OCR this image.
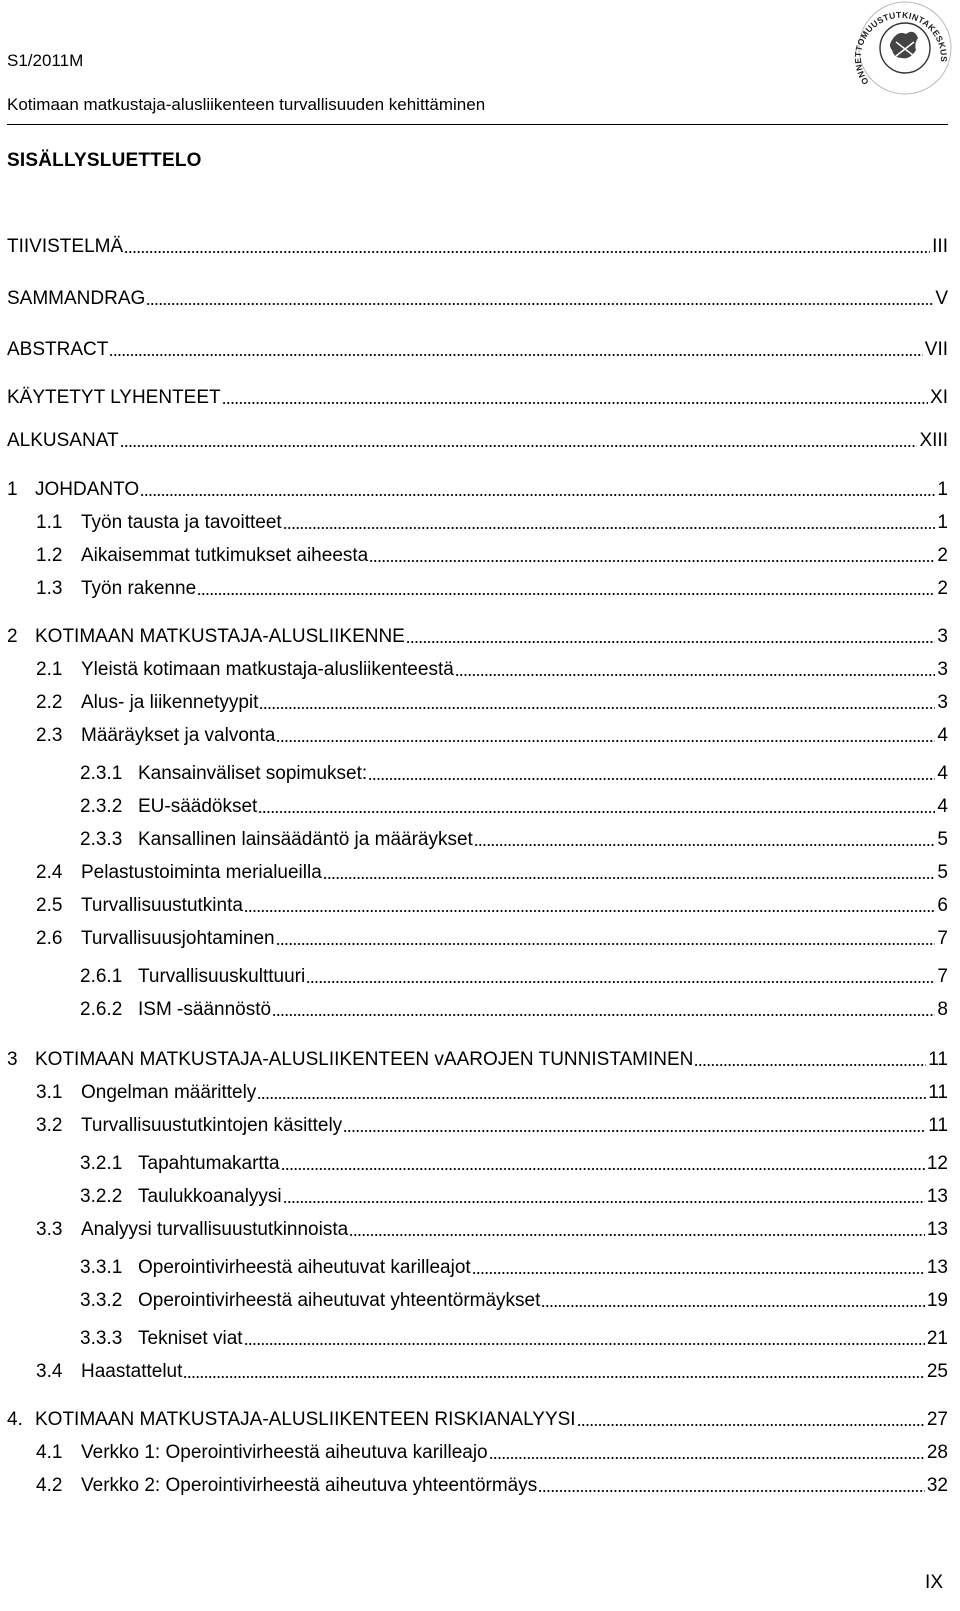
S1/2011M
Kotimaan matkustaja-alusliikenteen turvallisuuden kehittäminen
ONNETTOMUUSTUTKINTAKESKUS
SISÄLLYSLUETTELO
TIIVISTELMÄ	III
SAMMANDRAG	V
ABSTRACT	VII
KÄYTETYT LYHENTEET	XI
ALKUSANAT	XIII
1 JOHDANTO	1
1.1 Työn tausta ja tavoitteet	1
1.2 Aikaisemmat tutkimukset aiheesta	2
1.3 Työn rakenne	2
2 KOTIMAAN MATKUSTAJA-ALUSLIIKENNE	3
2.1 Yleistä kotimaan matkustaja-alusliikenteestä	3
2.2 Alus- ja liikennetyypit	3
2.3 Määräykset ja valvonta	4
2.3.1 Kansainväliset sopimukset:	4
2.3.2 EU-säädökset	4
2.3.3 Kansallinen lainsäädäntö ja määräykset	5
2.4 Pelastustoiminta merialueilla	5
2.5 Turvallisuustutkinta	6
2.6 Turvallisuusjohtaminen	7
2.6.1 Turvallisuuskulttuuri	7
2.6.2 ISM -säännöstö	8
3 KOTIMAAN MATKUSTAJA-ALUSLIIKENTEEN vAAROJEN TUNNISTAMINEN	11
3.1 Ongelman määrittely	11
3.2 Turvallisuustutkintojen käsittely	11
3.2.1 Tapahtumakartta	12
3.2.2 Taulukkoanalyysi	13
3.3 Analyysi turvallisuustutkinnoista	13
3.3.1 Operointivirheestä aiheutuvat karilleajot	13
3.3.2 Operointivirheestä aiheutuvat yhteentörmäykset	19
3.3.3 Tekniset viat	21
3.4 Haastattelut	25
4. KOTIMAAN MATKUSTAJA-ALUSLIIKENTEEN RISKIANALYYSI	27
4.1 Verkko 1: Operointivirheestä aiheutuva karilleajo	28
4.2 Verkko 2: Operointivirheestä aiheutuva yhteentörmäys	32
IX
